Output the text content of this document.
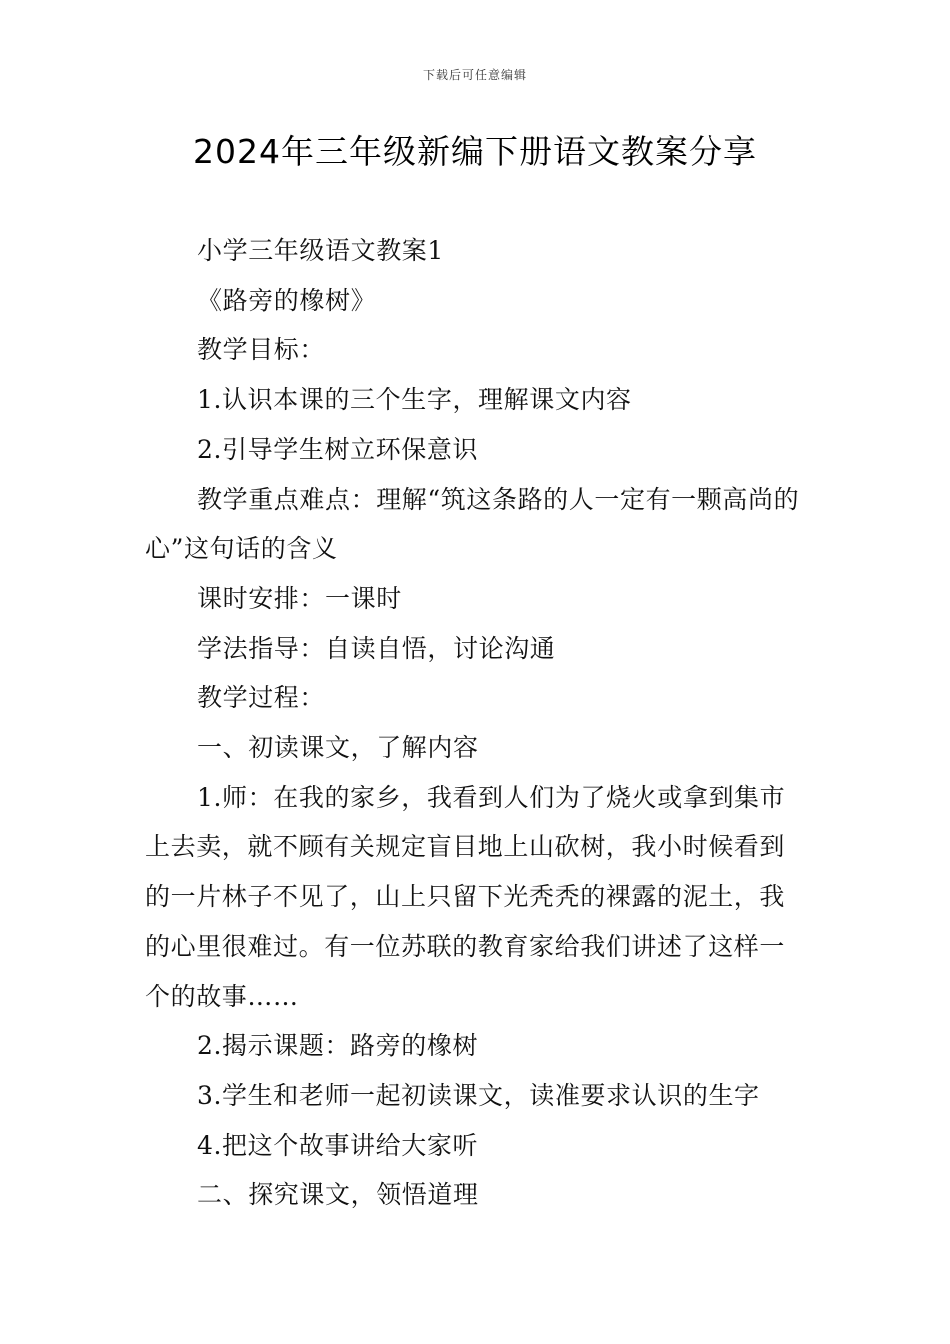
下载后可任意编辑
2024年三年级新编下册语文教案分享

小学三年级语文教案1

《路旁的橡树》

教学目标：

1.认识本课的三个生字，理解课文内容

2.引导学生树立环保意识

教学重点难点：理解“筑这条路的人一定有一颗高尚的心”这句话的含义

课时安排：一课时

学法指导：自读自悟，讨论沟通

教学过程：

一、初读课文，了解内容

1.师：在我的家乡，我看到人们为了烧火或拿到集市上去卖，就不顾有关规定盲目地上山砍树，我小时候看到的一片林子不见了，山上只留下光秃秃的裸露的泥土，我的心里很难过。有一位苏联的教育家给我们讲述了这样一个的故事……

2.揭示课题：路旁的橡树

3.学生和老师一起初读课文，读准要求认识的生字

4.把这个故事讲给大家听

二、探究课文，领悟道理
